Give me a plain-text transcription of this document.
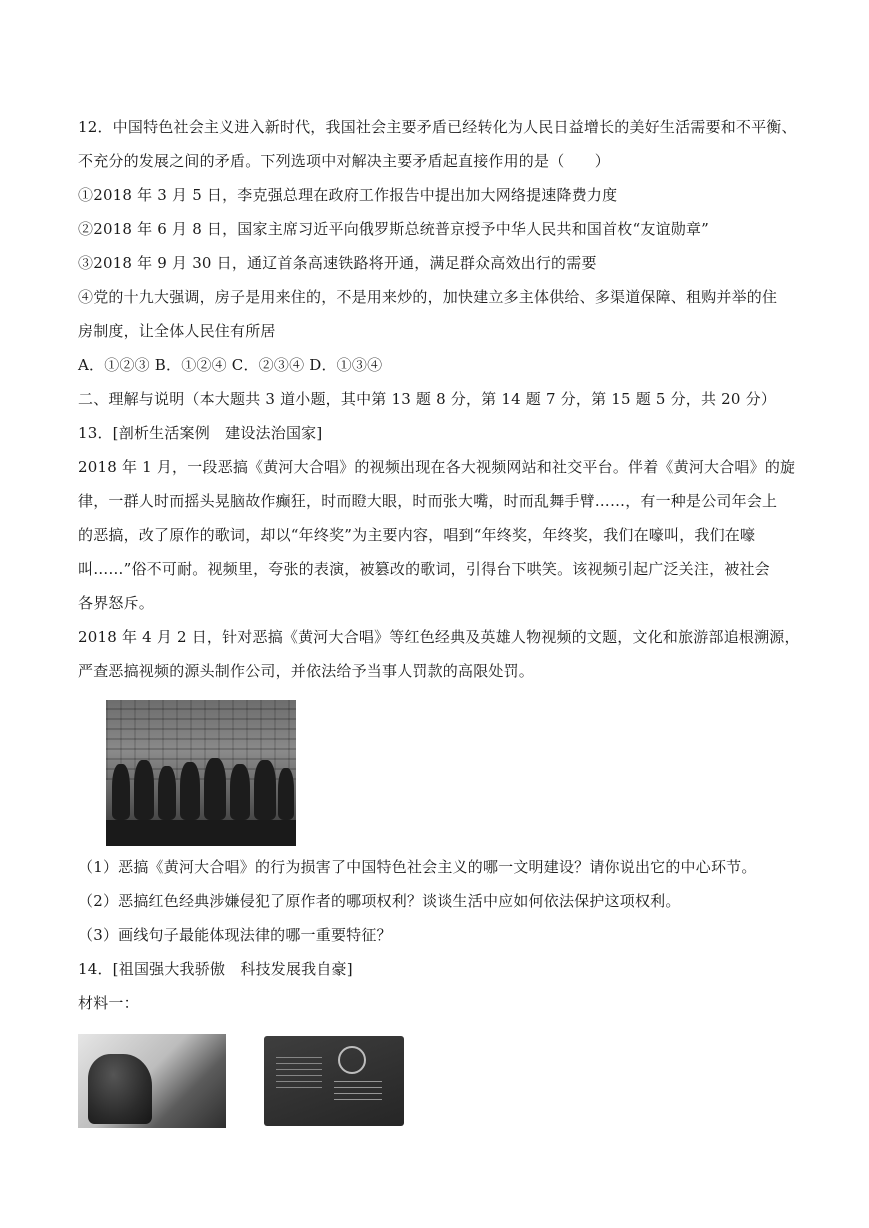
12．中国特色社会主义进入新时代，我国社会主要矛盾已经转化为人民日益增长的美好生活需要和不平衡、
不充分的发展之间的矛盾。下列选项中对解决主要矛盾起直接作用的是（　　）
①2018 年 3 月 5 日，李克强总理在政府工作报告中提出加大网络提速降费力度
②2018 年 6 月 8 日，国家主席习近平向俄罗斯总统普京授予中华人民共和国首枚“友谊勋章”
③2018 年 9 月 30 日，通辽首条高速铁路将开通，满足群众高效出行的需要
④党的十九大强调，房子是用来住的，不是用来炒的，加快建立多主体供给、多渠道保障、租购并举的住
房制度，让全体人民住有所居
A．①②③ B．①②④ C．②③④ D．①③④
二、理解与说明（本大题共 3 道小题，其中第 13 题 8 分，第 14 题 7 分，第 15 题 5 分，共 20 分）
13．[剖析生活案例　建设法治国家]
2018 年 1 月，一段恶搞《黄河大合唱》的视频出现在各大视频网站和社交平台。伴着《黄河大合唱》的旋
律，一群人时而摇头晃脑故作癫狂，时而瞪大眼，时而张大嘴，时而乱舞手臂……，有一种是公司年会上
的恶搞，改了原作的歌词，却以“年终奖”为主要内容，唱到“年终奖，年终奖，我们在嚎叫，我们在嚎
叫……”俗不可耐。视频里，夸张的表演，被篡改的歌词，引得台下哄笑。该视频引起广泛关注，被社会
各界怒斥。
2018 年 4 月 2 日，针对恶搞《黄河大合唱》等红色经典及英雄人物视频的文题，文化和旅游部追根溯源，
严查恶搞视频的源头制作公司，并依法给予当事人罚款的高限处罚。
（1）恶搞《黄河大合唱》的行为损害了中国特色社会主义的哪一文明建设？请你说出它的中心环节。
（2）恶搞红色经典涉嫌侵犯了原作者的哪项权利？谈谈生活中应如何依法保护这项权利。
（3）画线句子最能体现法律的哪一重要特征？
14．[祖国强大我骄傲　科技发展我自豪]
材料一：
